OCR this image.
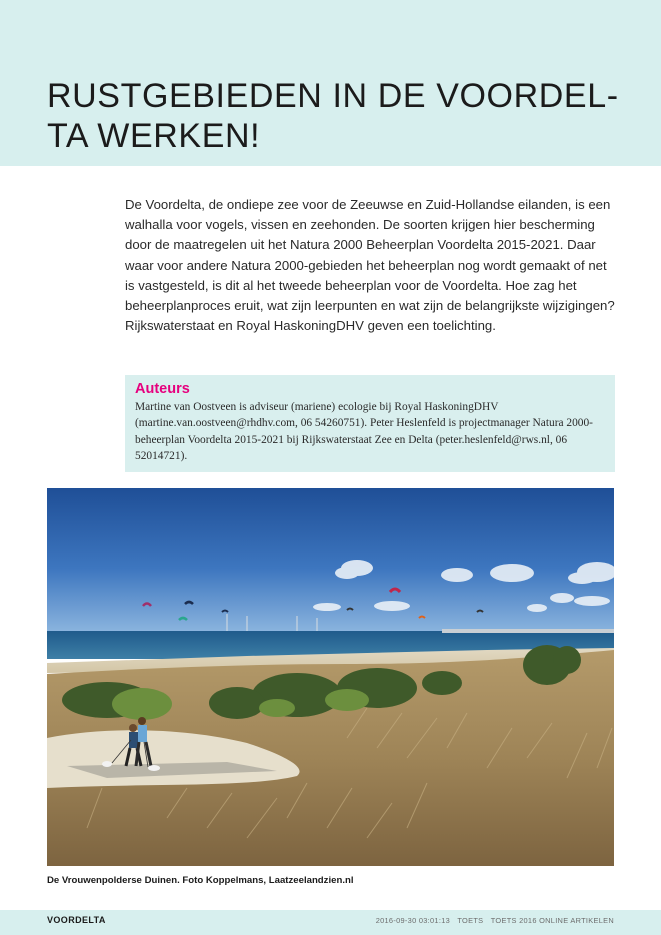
RUSTGEBIEDEN IN DE VOORDEL- TA WERKEN!

De Voordelta, de ondiepe zee voor de Zeeuwse en Zuid-Hollandse eilanden, is een walhalla voor vogels, vissen en zeehonden. De soorten krijgen hier bescherming door de maatregelen uit het Natura 2000 Beheerplan Voordelta 2015-2021. Daar waar voor andere Natura 2000-gebieden het beheerplan nog wordt gemaakt of net is vastgesteld, is dit al het tweede beheerplan voor de Voordelta. Hoe zag het beheerplanproces eruit, wat zijn leerpunten en wat zijn de belangrijkste wijzigingen? Rijkswaterstaat en Royal HaskoningDHV geven een toelichting.

Auteurs

Martine van Oostveen is adviseur (mariene) ecologie bij Royal HaskoningDHV (martine.van.oostveen@rhdhv.com, 06 54260751). Peter Heslenfeld is projectmanager Natura 2000-beheerplan Voordelta 2015-2021 bij Rijkswaterstaat Zee en Delta (peter.heslenfeld@rws.nl, 06 52014721).

De Vrouwenpolderse Duinen. Foto Koppelmans, Laatzeelandzien.nl

VOORDELTA	2016-09-30 03:01:13 TOETS TOETS 2016 ONLINE ARTIKELEN
